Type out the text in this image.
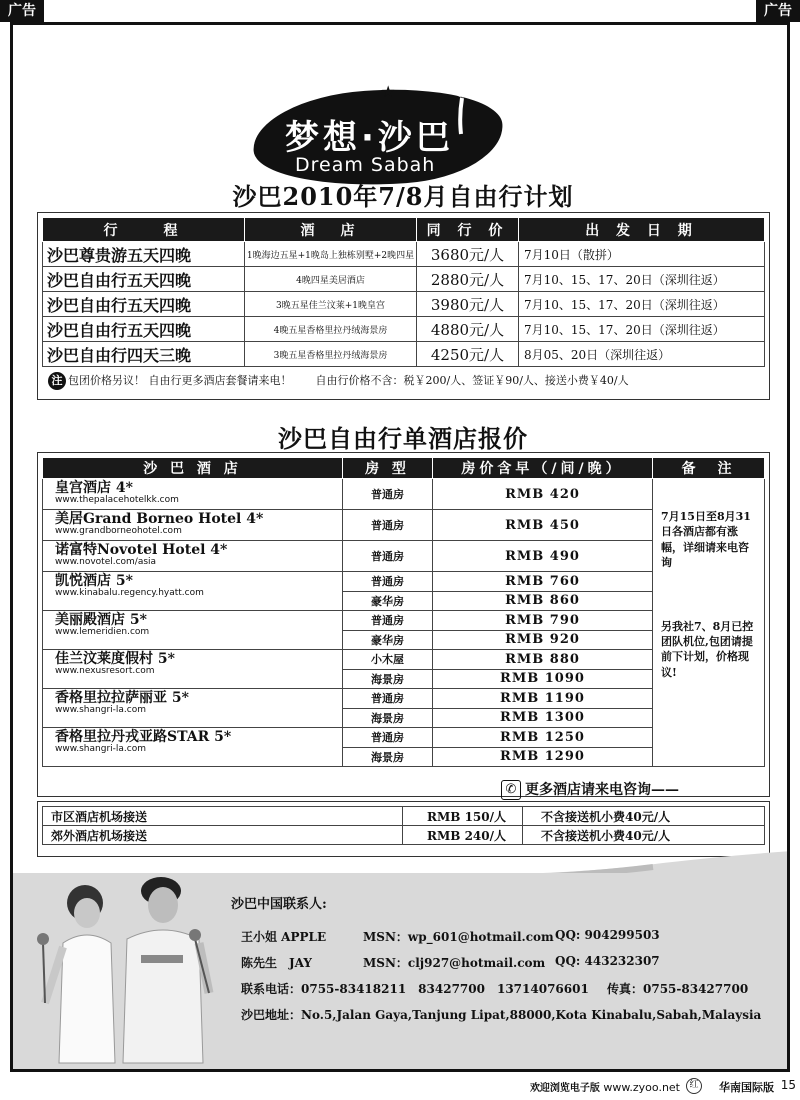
广告	广告
★
梦想·沙巴
Dream Sabah
沙巴2010年7/8月自由行计划
行　　程	酒　店	同 行 价	出 发 日 期
沙巴尊贵游五天四晚	1晚海边五星+1晚岛上独栋别墅+2晚四星	3680元/人	7月10日（散拼）
沙巴自由行五天四晚	4晚四星美居酒店	2880元/人	7月10、15、17、20日（深圳往返）
沙巴自由行五天四晚	3晚五星佳兰汶莱+1晚皇宫	3980元/人	7月10、15、17、20日（深圳往返）
沙巴自由行五天四晚	4晚五星香格里拉丹绒海景房	4880元/人	7月10、15、17、20日（深圳往返）
沙巴自由行四天三晚	3晚五星香格里拉丹绒海景房	4250元/人	8月05、20日（深圳往返）
注 包团价格另议！ 自由行更多酒店套餐请来电！ 自由行价格不含：税￥200/人、签证￥90/人、接送小费￥40/人
沙巴自由行单酒店报价
沙 巴 酒 店	房 型	房价含早（/间/晚）	备　注

皇宫酒店 4*
www.thepalacehotelkk.com	普通房	RMB 420	7月15日至8月31日各酒店都有涨幅，详细请来电咨询
另我社7、8月已控团队机位,包团请提前下计划，价格现议!

美居Grand Borneo Hotel 4*
www.grandborneohotel.com	普通房	RMB 450	

诺富特Novotel Hotel 4*
www.novotel.com/asia	普通房	RMB 490	

凯悦酒店 5*
www.kinabalu.regency.hyatt.com	普通房	RMB 760	
	豪华房	RMB 860	

美丽殿酒店 5*
www.lemeridien.com	普通房	RMB 790	
	豪华房	RMB 920	

佳兰汶莱度假村 5*
www.nexusresort.com	小木屋	RMB 880	
	海景房	RMB 1090	

香格里拉拉萨丽亚 5*
www.shangri-la.com	普通房	RMB 1190	
	海景房	RMB 1300	

香格里拉丹戎亚路STAR 5*
www.shangri-la.com	普通房	RMB 1250	
	海景房	RMB 1290	
✆ 更多酒店请来电咨询——
市区酒店机场接送	RMB 150/人	不含接送机小费40元/人
郊外酒店机场接送	RMB 240/人	不含接送机小费40元/人
沙巴中国联系人:
王小姐 APPLE	MSN：wp_601@hotmail.com QQ: 904299503
陈先生　JAY	MSN：clj927@hotmail.com QQ: 443232307
联系电话：0755-83418211　83427700　13714076601 传真：0755-83427700
沙巴地址：No.5,Jalan Gaya,Tanjung Lipat,88000,Kota Kinabalu,Sabah,Malaysia
欢迎浏览电子版 www.zyoo.net	红	华南国际版 15
